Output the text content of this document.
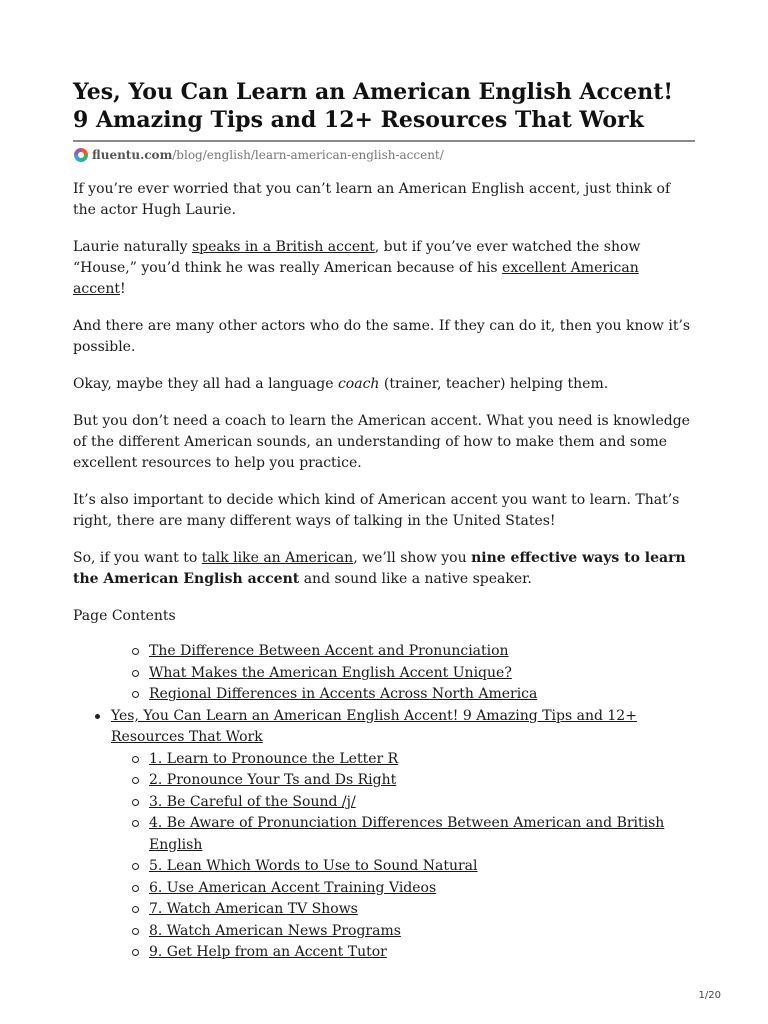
Yes, You Can Learn an American English Accent! 9 Amazing Tips and 12+ Resources That Work
fluentu.com /blog/english/learn-american-english-accent/

If you’re ever worried that you can’t learn an American English accent, just think of the actor Hugh Laurie.

Laurie naturally speaks in a British accent, but if you’ve ever watched the show “House,” you’d think he was really American because of his excellent American accent!

And there are many other actors who do the same. If they can do it, then you know it’s possible.

Okay, maybe they all had a language coach (trainer, teacher) helping them.

But you don’t need a coach to learn the American accent. What you need is knowledge of the different American sounds, an understanding of how to make them and some excellent resources to help you practice.

It’s also important to decide which kind of American accent you want to learn. That’s right, there are many different ways of talking in the United States!

So, if you want to talk like an American, we’ll show you nine effective ways to learn the American English accent and sound like a native speaker.

Page Contents

The Difference Between Accent and Pronunciation
What Makes the American English Accent Unique?
Regional Differences in Accents Across North America
Yes, You Can Learn an American English Accent! 9 Amazing Tips and 12+ Resources That Work
1. Learn to Pronounce the Letter R
2. Pronounce Your Ts and Ds Right
3. Be Careful of the Sound /j/
4. Be Aware of Pronunciation Differences Between American and British English
5. Lean Which Words to Use to Sound Natural
6. Use American Accent Training Videos
7. Watch American TV Shows
8. Watch American News Programs
9. Get Help from an Accent Tutor
1/20
